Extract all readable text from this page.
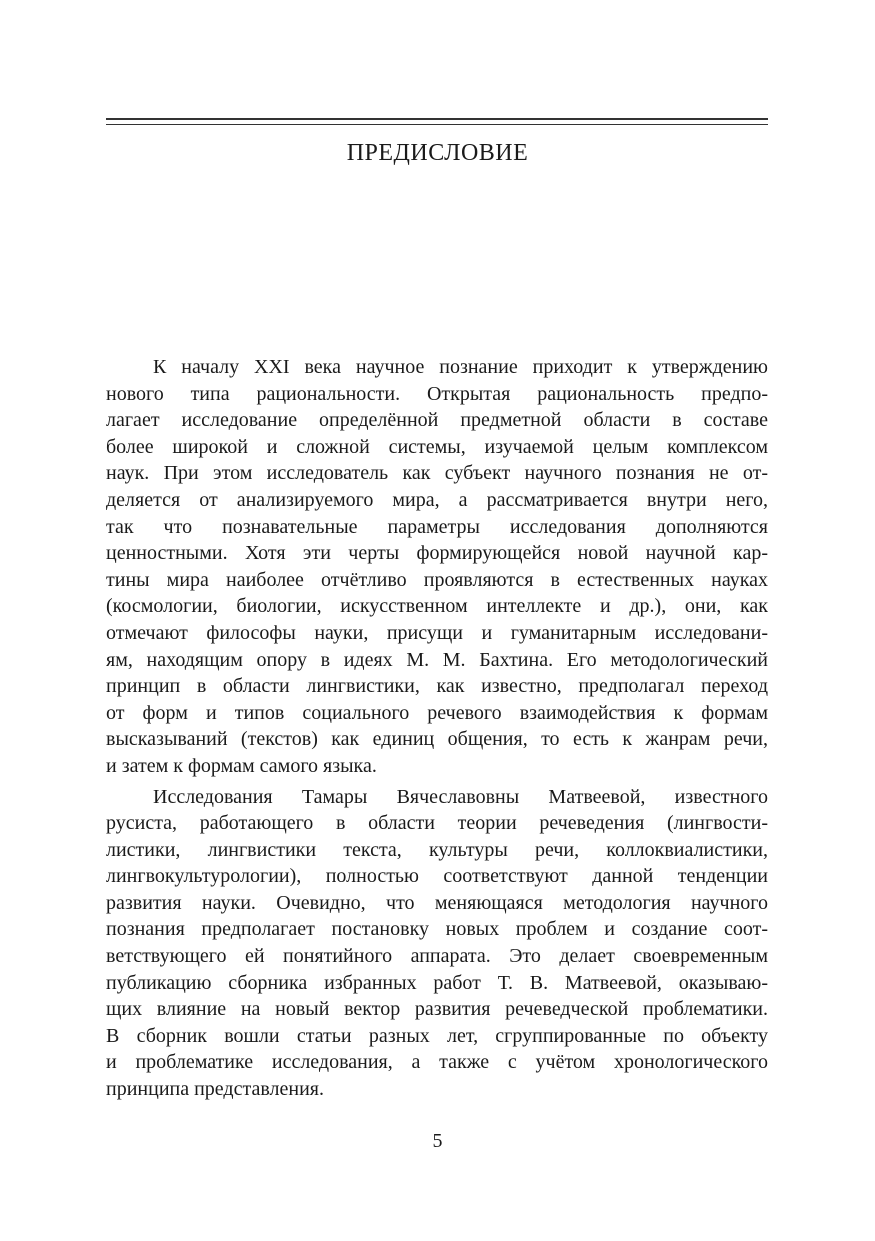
ПРЕДИСЛОВИЕ
К началу XXI века научное познание приходит к утверждению
нового типа рациональности. Открытая рациональность предпо-
лагает исследование определённой предметной области в составе
более широкой и сложной системы, изучаемой целым комплексом
наук. При этом исследователь как субъект научного познания не от-
деляется от анализируемого мира, а рассматривается внутри него,
так что познавательные параметры исследования дополняются
ценностными. Хотя эти черты формирующейся новой научной кар-
тины мира наиболее отчётливо проявляются в естественных науках
(космологии, биологии, искусственном интеллекте и др.), они, как
отмечают философы науки, присущи и гуманитарным исследовани-
ям, находящим опору в идеях М. М. Бахтина. Его методологический
принцип в области лингвистики, как известно, предполагал переход
от форм и типов социального речевого взаимодействия к формам
высказываний (текстов) как единиц общения, то есть к жанрам речи,
и затем к формам самого языка.
Исследования Тамары Вячеславовны Матвеевой, известного
русиста, работающего в области теории речеведения (лингвости-
листики, лингвистики текста, культуры речи, коллоквиалистики,
лингвокультурологии), полностью соответствуют данной тенденции
развития науки. Очевидно, что меняющаяся методология научного
познания предполагает постановку новых проблем и создание соот-
ветствующего ей понятийного аппарата. Это делает своевременным
публикацию сборника избранных работ Т. В. Матвеевой, оказываю-
щих влияние на новый вектор развития речеведческой проблематики.
В сборник вошли статьи разных лет, сгруппированные по объекту
и проблематике исследования, а также с учётом хронологического
принципа представления.
5
